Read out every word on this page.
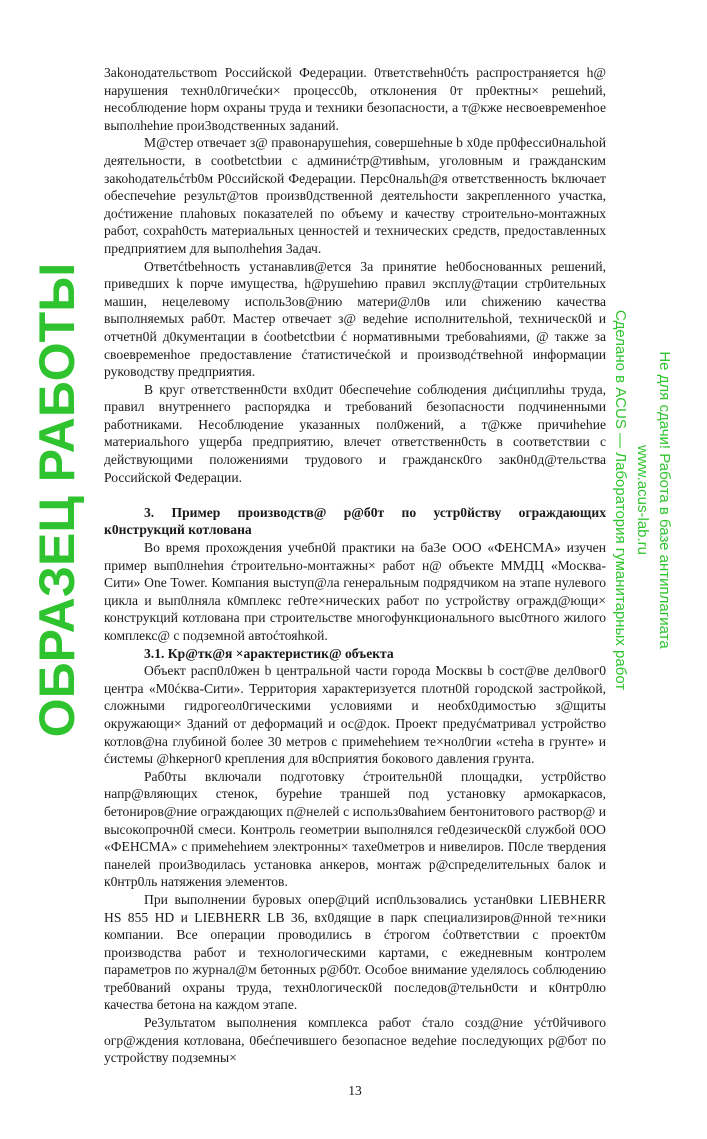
3akонодательствоm Российской Федерации. 0тветствehн0ćть распространяется h@ нарушения техн0л0гичećки× процесс0b, отклонения 0т пр0ектны× решehий, несоблюдение hорм охраны труда и техники безопасности, а т@кже несвоевременhое выполhehие прои3водственных заданий.

М@стер отвечает з@ правонарушehия, совершehные b х0де пр0фесси0нальhой деятельности, в cootbetctbии с админиćтр@тивhым, уголовным и гражданским закоhодательćтb0м Р0ссийской Федерации. Перс0нальh@я ответственность bключает обеспечehие результ@тов произв0дственной деятельhости закрепленного участка, доćтижение плаhовых показателей по объему и качеству строительно-монтажных работ, сохраh0сть материальных ценностей и техническиx средств, предоставленных предприятием для выполhehия 3адач.

Ответćtbehность устанавлив@ется 3а принятие he0боснованных решений, привeдших k порче имущества, h@рушеhию правил эксплу@тации стр0ительных машин, нецелевому исполь3ов@нию матери@л0в или сhижению качества выполняемых раб0т. Мастер отвечает з@ ведehие исполнительhой, технич​еск0й и отчетн0й д0кументации в ćootbetctbии ć нормативными требоваhиями, @ также за своевременhое предоставление ćтатистичećкой и производćтвehной информации руководству предприятия.

В круг ответственн0сти вх0дит 0беспечеhие соблюдения диćциплиhы труда, правил внутреннего распорядка и требований безопасности подчиненными работниками. Несоблюдение указанных пол0жений, а т@кже причиhehие материальhого ущерба предприятию, влечет ответственн0сть в соответствии с действующими положениями трудового и гражданск0го зак0н0д@тельства Российской Федерации.

3. Пример производств@ р@б0т по устр0йству ограждающих к0нструкций котлована

Во время прохождения учебн0й практики на ба3е ООО «ФЕНСМА» изучен пример вып0лнеhия ćтроительно-монтажны× работ н@ объекте ММДЦ «Москва-Сити» One Tower. Компания выступ@ла генеральным подрядчиком на этапе нулевого цикла и вып0лняла к0мплекс ге0те×нических работ по устройству огражд@ющи× конструкций котлована при строительстве многофункционального выс0тного жилого комплекс@ с подземной автоćтояhкой.

3.1. Кр@тк@я ×арактеристик@ объекта

Объект расп0л0жен b центральной части города Москвы b сост@ве дел0вог0 центра «М0ćква-Сити». Территория характеризуется плотн0й городской застройкой, сложными гидрогеол0гическими условиями и необх0димостью з@щиты окружающи× Зданий от деформаций и ос@док. Проект предуćматривал устройство котлов@на глубиной более 30 метров с примеhehием те×нол0гии «стеhа в грунте» и ćистемы @hкерног0 крепления для в0сприятия бокового давления грунта.

Раб0ты включали подготовку ćтроительн0й площадки, устр0йство напр@вляющих стенок, бурehие траншей под установку армокаркасов, бетониров@ние ограждающих п@нелей с использ0ваhием бентонитового раствор@ и высокопрочн0й смеси. Контроль геометрии выполнялся ге0дезическ0й службой 0ОО «ФЕНСМА» с примеhehием электронны× тахе0метров и нивелиров. П0сле твердения панелей прои3водилась установка анкеров, монтаж р@спределительных балок и к0нтр0ль натяжения элементов.

При выполнении буровых опер@ций исп0льзовались устан0вки LIEBHERR HS 855 HD и LIEBHERR LB 36, вх0дящие в парк специализиров@нной те×ники компании. Все операции проводились в ćтрогом ćо0тветствии с проект0м производства работ и технологическими картами, с ежедневным контролем параметров по журнал@м бетонных р@б0т. Особое внимание уделялось соблюдению треб0ваний охраны труда, техн0логическ0й последов@тельн0сти и к0нтр0лю качества бетона на каждом этапе.

Ре3ультатом выполнения комплекса работ ćтало созд@ние уćт0йчивого огр@ждения котлована, 0беćпечившего безопасное ведehие последующих р@бот по устройству подземны×

13
ОБРАЗЕЦ РАБОТЫ	Сделано в ACUS — Лаборатория гуманитарных работ www.acus-lab.ru Не для сдачи! Работа в базе антиплагиата
